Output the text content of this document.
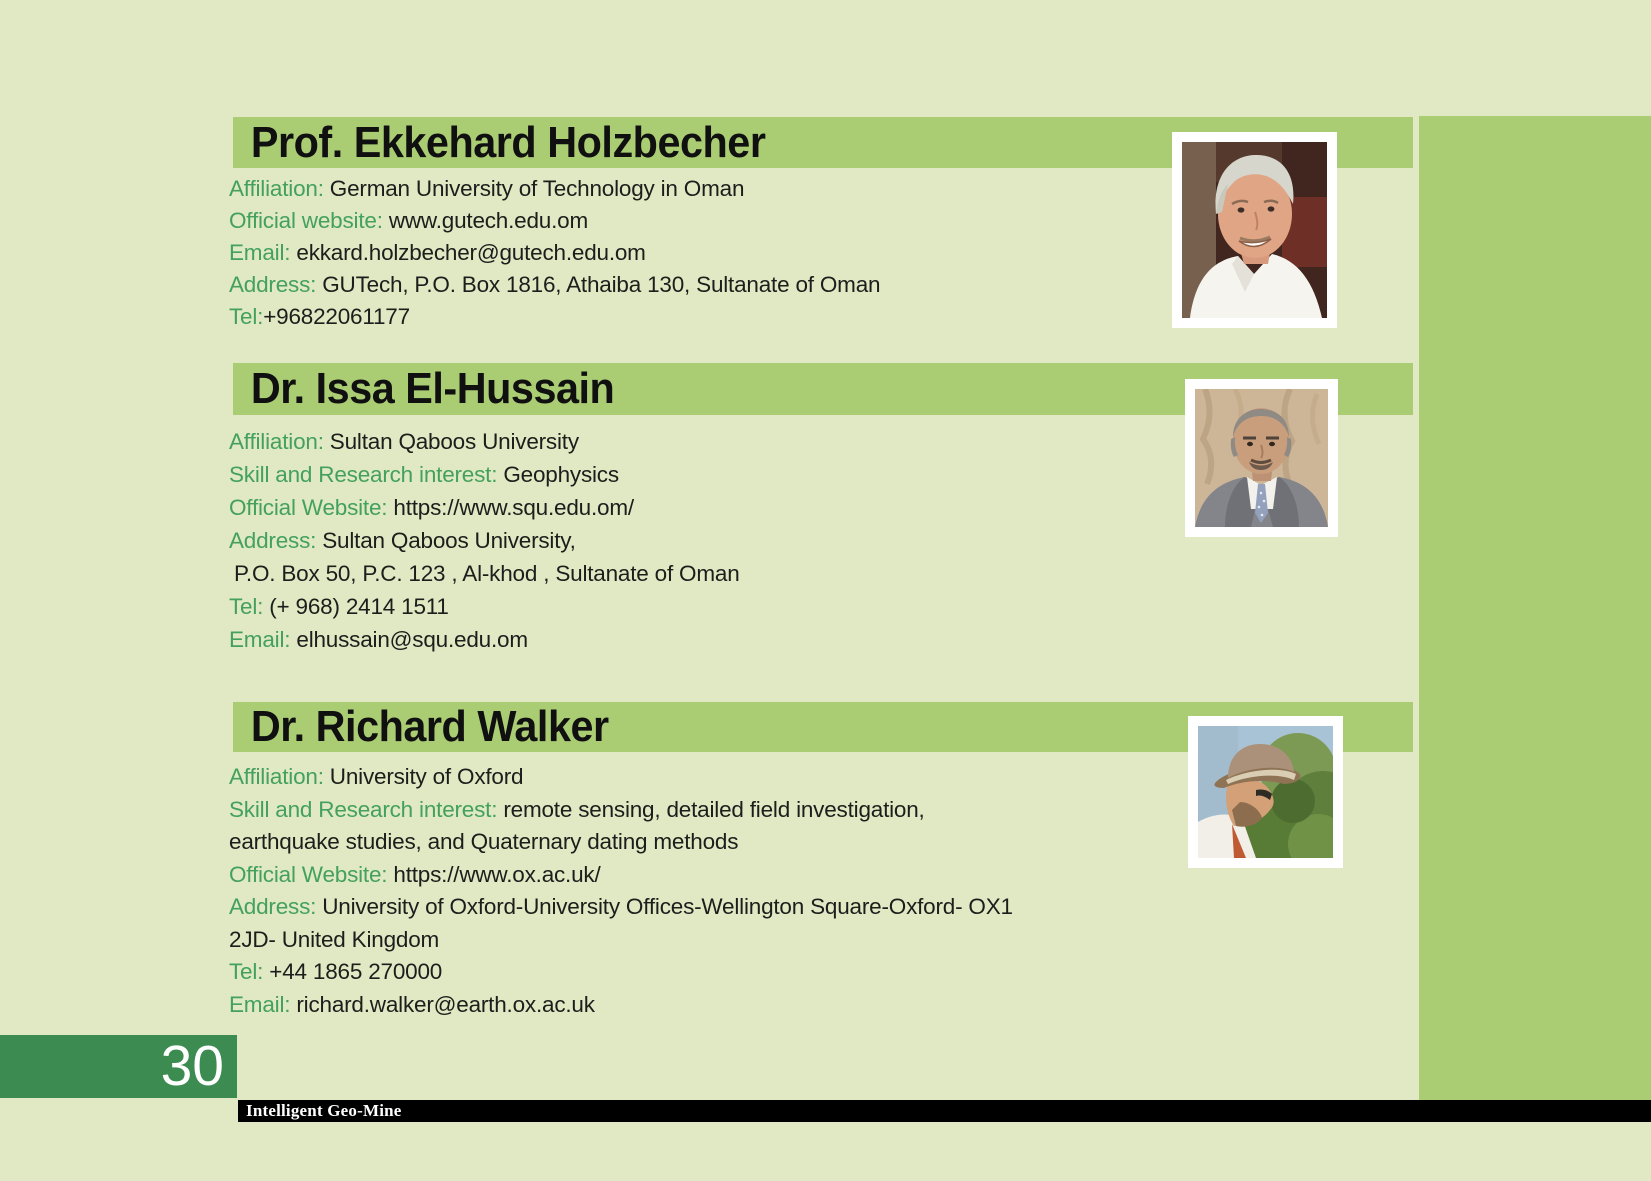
Prof. Ekkehard Holzbecher
Affiliation: German University of Technology in Oman
Official website: www.gutech.edu.om
Email: ekkard.holzbecher@gutech.edu.om
Address: GUTech, P.O. Box 1816, Athaiba 130, Sultanate of Oman
Tel:+96822061177
Dr. Issa El-Hussain
Affiliation: Sultan Qaboos University
Skill and Research interest: Geophysics
Official Website: https://www.squ.edu.om/
Address: Sultan Qaboos University,
P.O. Box 50, P.C. 123 , Al-khod , Sultanate of Oman
Tel: (+ 968) 2414 1511
Email: elhussain@squ.edu.om
Dr. Richard Walker
Affiliation: University of Oxford
Skill and Research interest: remote sensing, detailed field investigation,
earthquake studies, and Quaternary dating methods
Official Website: https://www.ox.ac.uk/
Address: University of Oxford-University Offices-Wellington Square-Oxford- OX1
2JD- United Kingdom
Tel: +44 1865 270000
Email: richard.walker@earth.ox.ac.uk
30
Intelligent Geo-Mine
